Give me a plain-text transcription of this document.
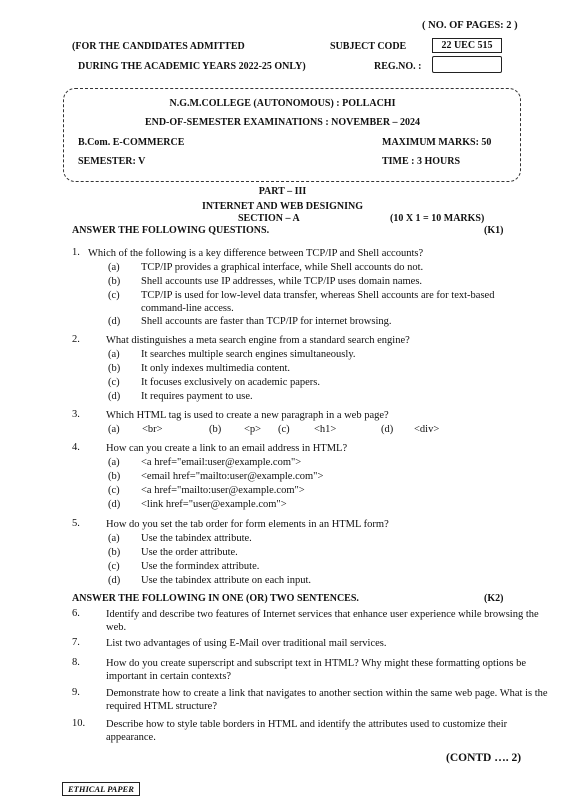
( NO. OF PAGES: 2 )
(FOR THE CANDIDATES ADMITTED	SUBJECT CODE	22 UEC 515
DURING THE ACADEMIC YEARS 2022-25 ONLY)	REG.NO. :
N.G.M.COLLEGE (AUTONOMOUS) : POLLACHI
END-OF-SEMESTER EXAMINATIONS : NOVEMBER – 2024
B.Com. E-COMMERCE	MAXIMUM MARKS: 50
SEMESTER: V	TIME : 3 HOURS
PART – III
INTERNET AND WEB DESIGNING
SECTION – A	(10 X 1 = 10 MARKS)
ANSWER THE FOLLOWING QUESTIONS.	(K1)
1. Which of the following is a key difference between TCP/IP and Shell accounts?
(a) TCP/IP provides a graphical interface, while Shell accounts do not.
(b) Shell accounts use IP addresses, while TCP/IP uses domain names.
(c) TCP/IP is used for low-level data transfer, whereas Shell accounts are for text-based command-line access.
(d) Shell accounts are faster than TCP/IP for internet browsing.
2. What distinguishes a meta search engine from a standard search engine?
(a) It searches multiple search engines simultaneously.
(b) It only indexes multimedia content.
(c) It focuses exclusively on academic papers.
(d) It requires payment to use.
3. Which HTML tag is used to create a new paragraph in a web page?
(a) <br>	(b) <p> (c) <h1>	(d) <div>
4. How can you create a link to an email address in HTML?
(a) <a href="email:user@example.com">
(b) <email href="mailto:user@example.com">
(c) <a href="mailto:user@example.com">
(d) <link href="user@example.com">
5. How do you set the tab order for form elements in an HTML form?
(a) Use the tabindex attribute.
(b) Use the order attribute.
(c) Use the formindex attribute.
(d) Use the tabindex attribute on each input.
ANSWER THE FOLLOWING IN ONE (OR) TWO SENTENCES.	(K2)
6. Identify and describe two features of Internet services that enhance user experience while browsing the web.
7. List two advantages of using E-Mail over traditional mail services.
8. How do you create superscript and subscript text in HTML? Why might these formatting options be important in certain contexts?
9. Demonstrate how to create a link that navigates to another section within the same web page. What is the required HTML structure?
10. Describe how to style table borders in HTML and identify the attributes used to customize their appearance.
(CONTD …. 2)
ETHICAL PAPER
